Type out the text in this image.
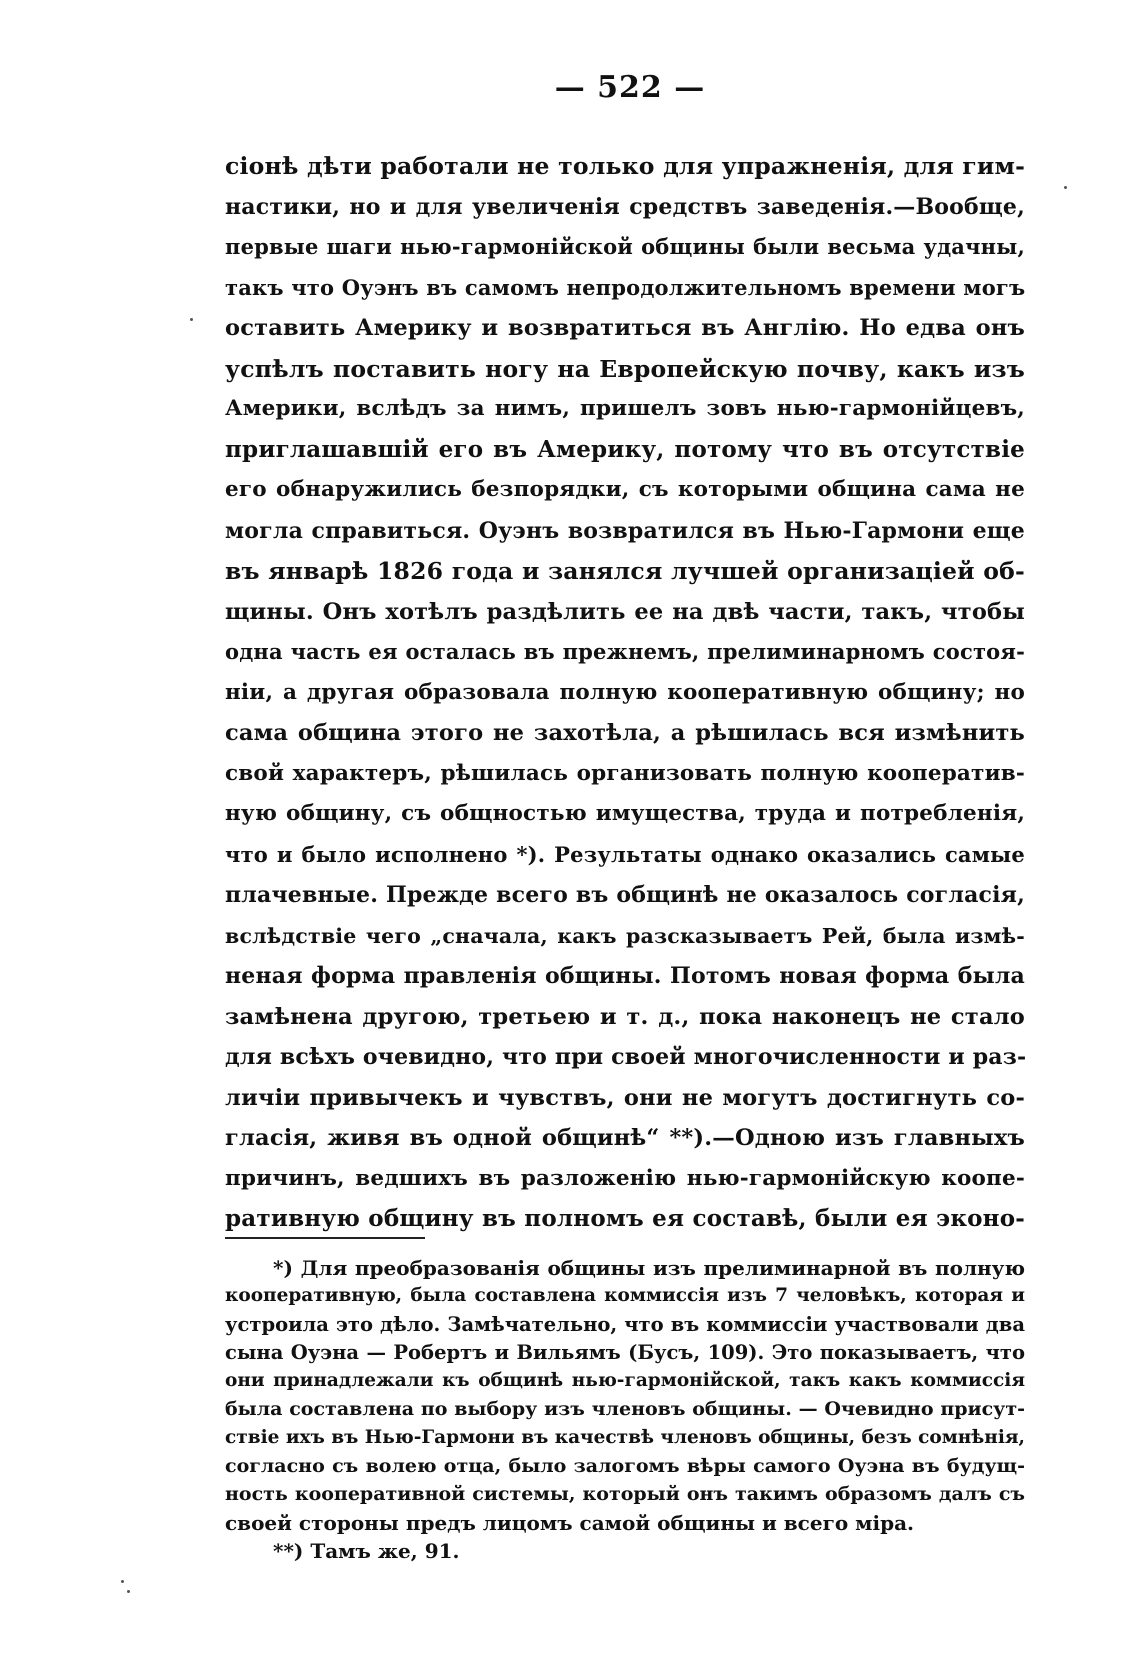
— 522 —
сіонѣ дѣти работали не только для упражненія, для гим-
настики, но и для увеличенія средствъ заведенія.—Вообще,
первые шаги нью-гармонійской общины были весьма удачны,
такъ что Оуэнъ въ самомъ непродолжительномъ времени могъ
оставить Америку и возвратиться въ Англію. Но едва онъ
успѣлъ поставить ногу на Европейскую почву, какъ изъ
Америки, вслѣдъ за нимъ, пришелъ зовъ нью-гармонійцевъ,
приглашавшій его въ Америку, потому что въ отсутствіе
его обнаружились безпорядки, съ которыми община сама не
могла справиться. Оуэнъ возвратился въ Нью-Гармони еще
въ январѣ 1826 года и занялся лучшей организаціей об-
щины. Онъ хотѣлъ раздѣлить ее на двѣ части, такъ, чтобы
одна часть ея осталась въ прежнемъ, прелиминарномъ состоя-
ніи, а другая образовала полную кооперативную общину; но
сама община этого не захотѣла, а рѣшилась вся измѣнить
свой характеръ, рѣшилась организовать полную кооператив-
ную общину, съ общностью имущества, труда и потребленія,
что и было исполнено *). Результаты однако оказались самые
плачевные. Прежде всего въ общинѣ не оказалось согласія,
вслѣдствіе чего „сначала, какъ разсказываетъ Рей, была измѣ-
неная форма правленія общины. Потомъ новая форма была
замѣнена другою, третьею и т. д., пока наконецъ не стало
для всѣхъ очевидно, что при своей многочисленности и раз-
личіи привычекъ и чувствъ, они не могутъ достигнуть со-
гласія, живя въ одной общинѣ“ **).—Одною изъ главныхъ
причинъ, ведшихъ въ разложенію нью-гармонійскую коопе-
ративную общину въ полномъ ея составѣ, были ея эконо-
*) Для преобразованія общины изъ прелиминарной въ полную
кооперативную, была составлена коммиссія изъ 7 человѣкъ, которая и
устроила это дѣло. Замѣчательно, что въ коммиссіи участвовали два
сына Оуэна — Робертъ и Вильямъ (Бусъ, 109). Это показываетъ, что
они принадлежали къ общинѣ нью-гармонійской, такъ какъ коммиссія
была составлена по выбору изъ членовъ общины. — Очевидно присут-
ствіе ихъ въ Нью-Гармони въ качествѣ членовъ общины, безъ сомнѣнія,
согласно съ волею отца, было залогомъ вѣры самого Оуэна въ будущ-
ность кооперативной системы, который онъ такимъ образомъ далъ съ
своей стороны предъ лицомъ самой общины и всего міра.
**) Тамъ же, 91.
